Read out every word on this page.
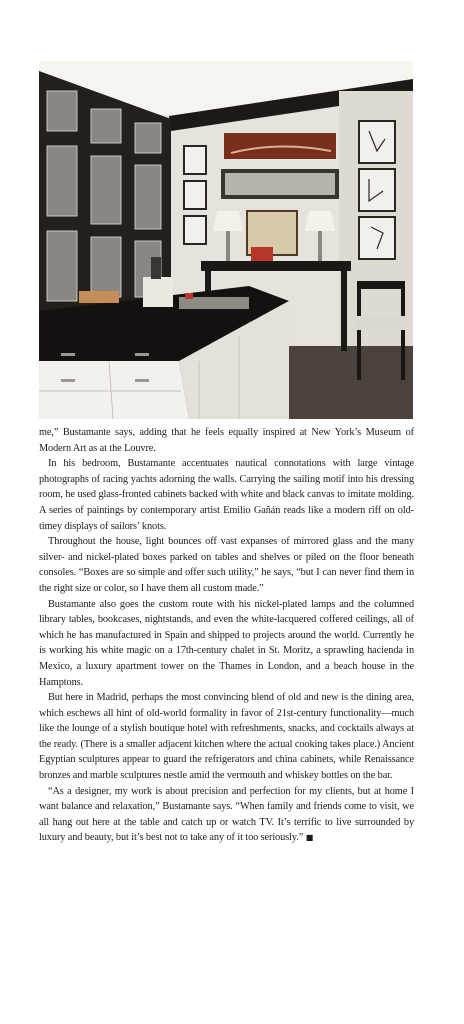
me,” Bustamante says, adding that he feels equally inspired at New York’s Museum of Modern Art as at the Louvre.

In his bedroom, Bustamante accentuates nautical connotations with large vintage photographs of racing yachts adorning the walls. Carrying the sailing motif into his dressing room, he used glass-fronted cabinets backed with white and black canvas to imitate molding. A series of paintings by contemporary artist Emilio Gañán reads like a modern riff on old-timey displays of sailors’ knots.

Throughout the house, light bounces off vast expanses of mirrored glass and the many silver- and nickel-plated boxes parked on tables and shelves or piled on the floor beneath consoles. “Boxes are so simple and offer such utility,” he says, “but I can never find them in the right size or color, so I have them all custom made.”

Bustamante also goes the custom route with his nickel-plated lamps and the columned library tables, bookcases, nightstands, and even the white-lacquered coffered ceilings, all of which he has manufactured in Spain and shipped to projects around the world. Currently he is working his white magic on a 17th-century chalet in St. Moritz, a sprawling hacienda in Mexico, a luxury apartment tower on the Thames in London, and a beach house in the Hamptons.

But here in Madrid, perhaps the most convincing blend of old and new is the dining area, which eschews all hint of old-world formality in favor of 21st-century functionality—much like the lounge of a stylish boutique hotel with refreshments, snacks, and cocktails always at the ready. (There is a smaller adjacent kitchen where the actual cooking takes place.) Ancient Egyptian sculptures appear to guard the refrigerators and china cabinets, while Renaissance bronzes and marble sculptures nestle amid the vermouth and whiskey bottles on the bar.

“As a designer, my work is about precision and perfection for my clients, but at home I want balance and relaxation,” Bustamante says. “When family and friends come to visit, we all hang out here at the table and catch up or watch TV. It’s terrific to live surrounded by luxury and beauty, but it’s best not to take any of it too seriously.” ■
